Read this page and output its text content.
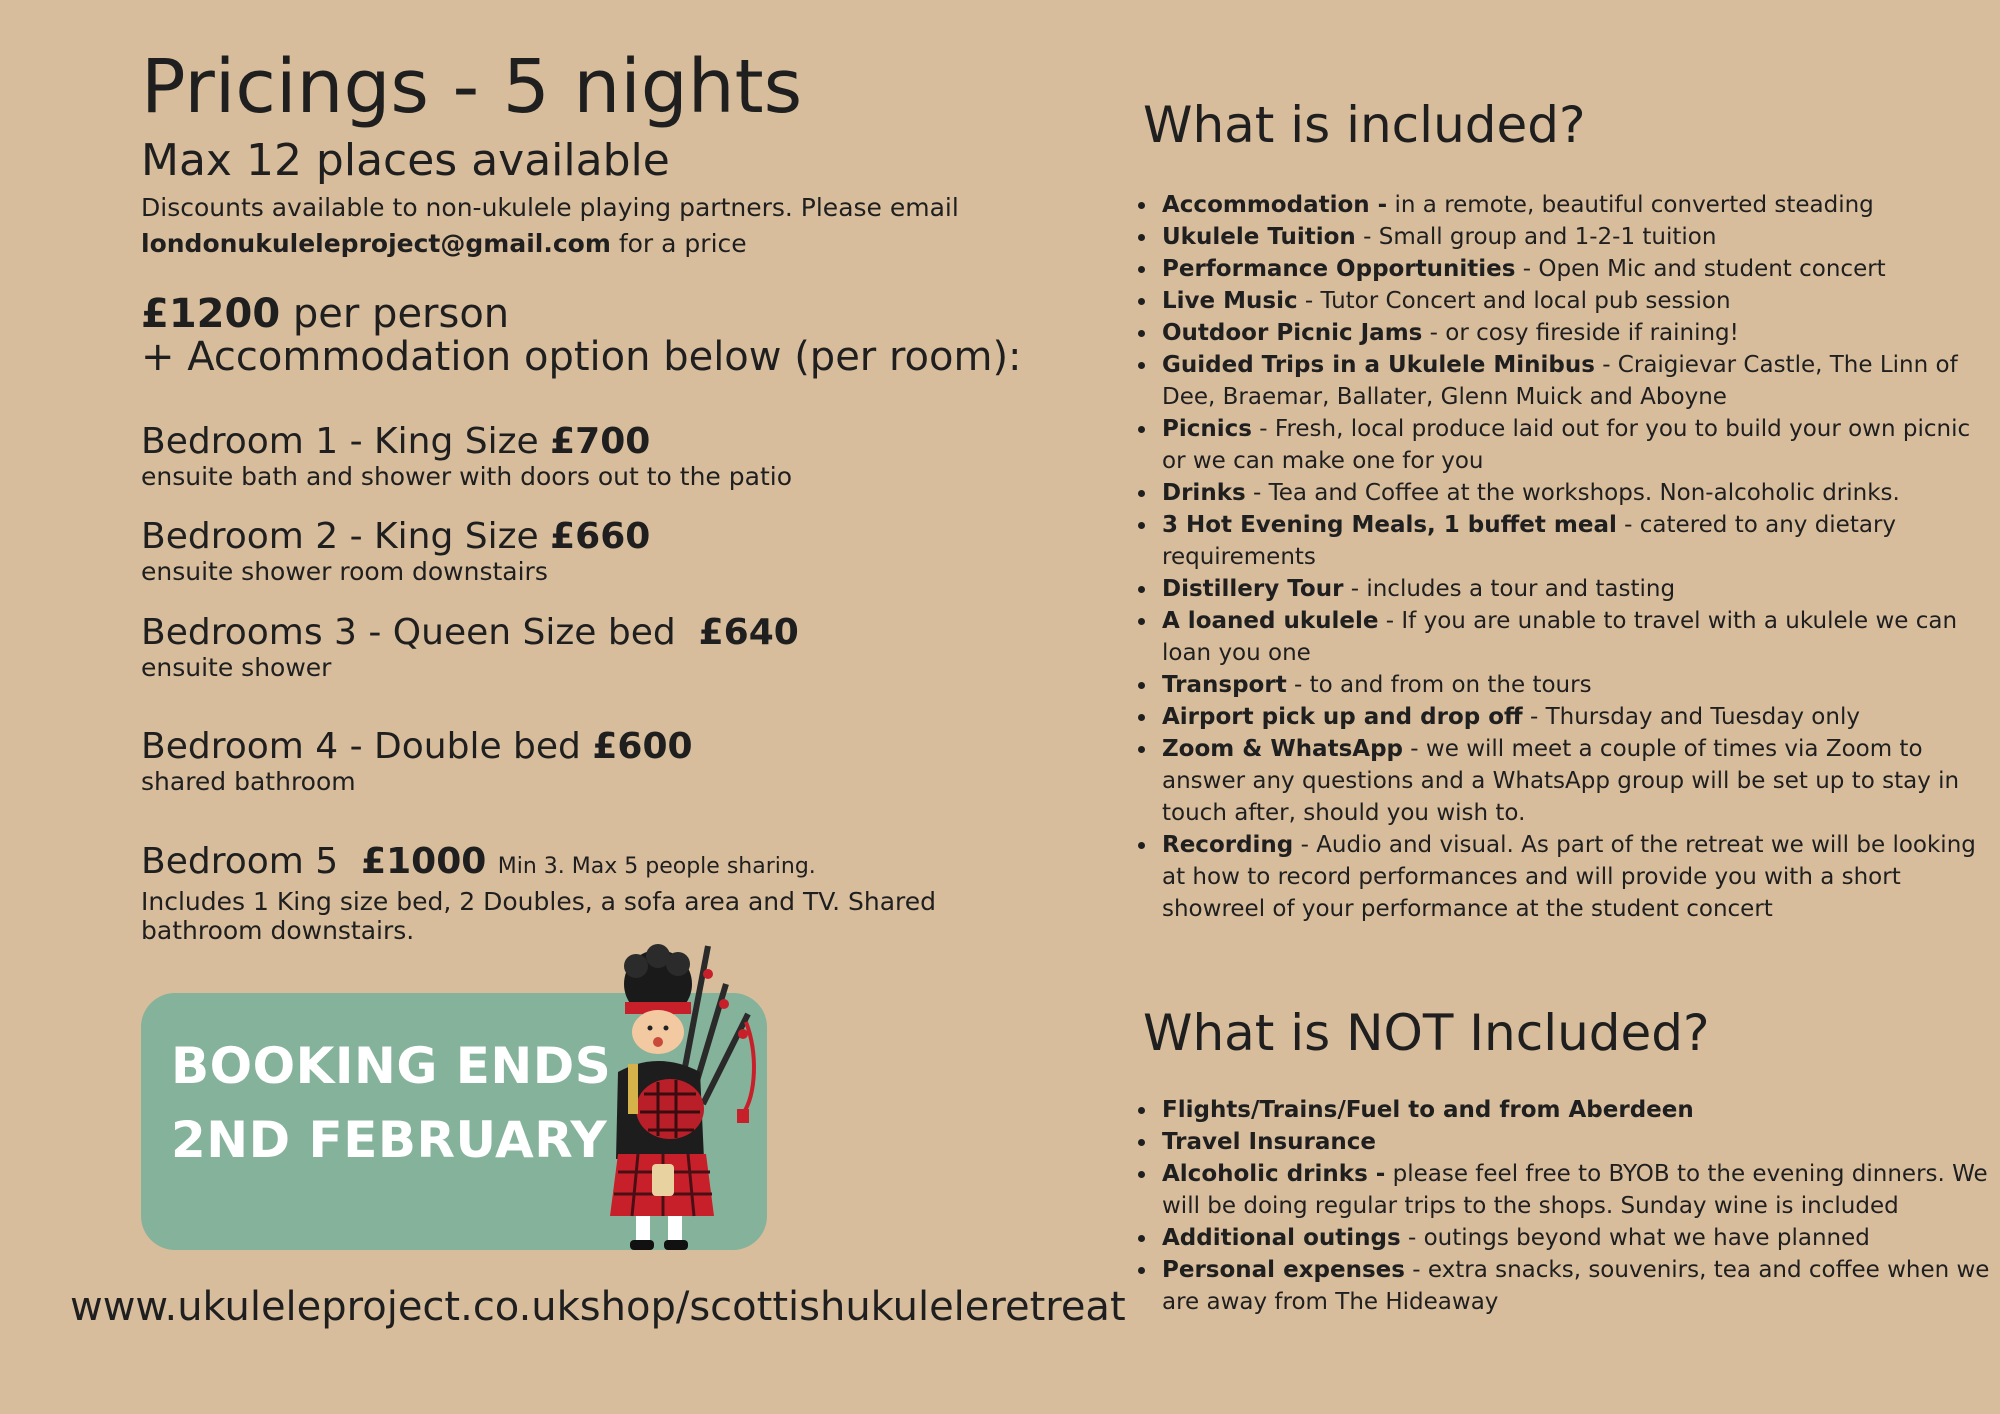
Pricings - 5 nights
Max 12 places available
Discounts available to non-ukulele playing partners. Please email
londonukuleleproject@gmail.com for a price
£1200 per person
+ Accommodation option below (per room):
Bedroom 1 - King Size £700
ensuite bath and shower with doors out to the patio
Bedroom 2 - King Size £660
ensuite shower room downstairs
Bedrooms 3 - Queen Size bed £640
ensuite shower
Bedroom 4 - Double bed £600
shared bathroom
Bedroom 5 £1000 Min 3. Max 5 people sharing.
Includes 1 King size bed, 2 Doubles, a sofa area and TV. Shared bathroom downstairs.
BOOKING ENDS
2ND FEBRUARY
www.ukuleleproject.co.ukshop/scottishukuleleretreat
What is included?
• Accommodation - in a remote, beautiful converted steading
• Ukulele Tuition - Small group and 1-2-1 tuition
• Performance Opportunities - Open Mic and student concert
• Live Music - Tutor Concert and local pub session
• Outdoor Picnic Jams - or cosy fireside if raining!
• Guided Trips in a Ukulele Minibus - Craigievar Castle, The Linn of Dee, Braemar, Ballater, Glenn Muick and Aboyne
• Picnics - Fresh, local produce laid out for you to build your own picnic or we can make one for you
• Drinks - Tea and Coffee at the workshops. Non-alcoholic drinks.
• 3 Hot Evening Meals, 1 buffet meal - catered to any dietary requirements
• Distillery Tour - includes a tour and tasting
• A loaned ukulele - If you are unable to travel with a ukulele we can loan you one
• Transport - to and from on the tours
• Airport pick up and drop off - Thursday and Tuesday only
• Zoom & WhatsApp - we will meet a couple of times via Zoom to answer any questions and a WhatsApp group will be set up to stay in touch after, should you wish to.
• Recording - Audio and visual. As part of the retreat we will be looking at how to record performances and will provide you with a short showreel of your performance at the student concert
What is NOT Included?
• Flights/Trains/Fuel to and from Aberdeen
• Travel Insurance
• Alcoholic drinks - please feel free to BYOB to the evening dinners. We will be doing regular trips to the shops. Sunday wine is included
• Additional outings - outings beyond what we have planned
• Personal expenses - extra snacks, souvenirs, tea and coffee when we are away from The Hideaway
